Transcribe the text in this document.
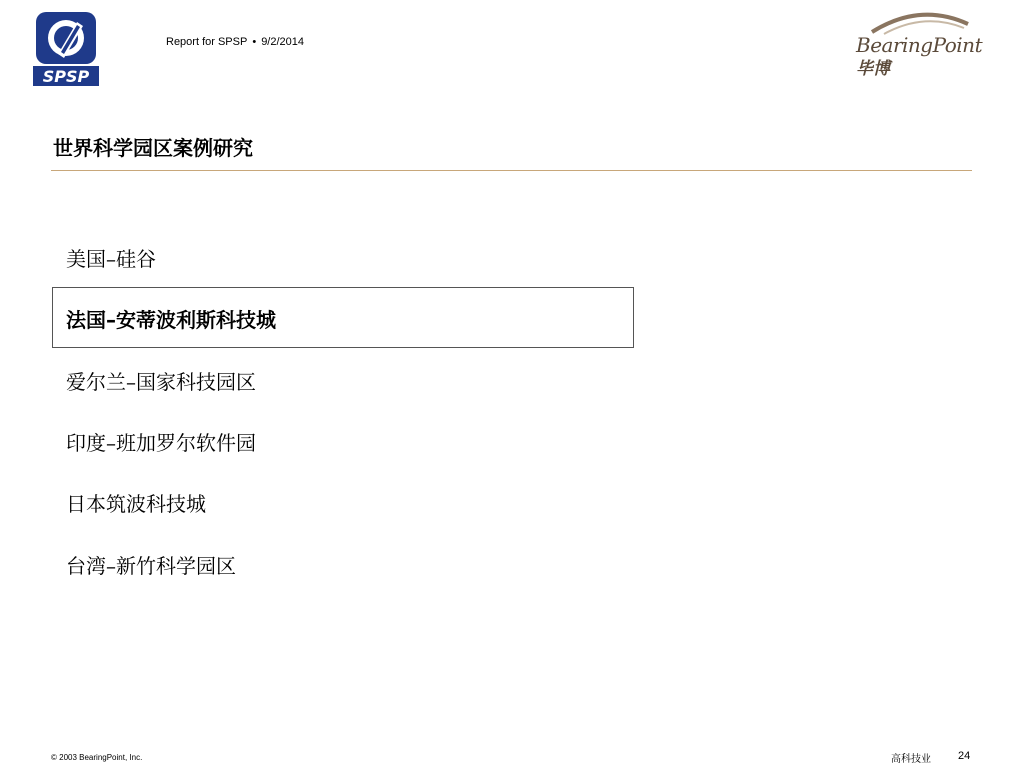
SPSP
Report for SPSP • 9/2/2014	BearingPoint
毕博
世界科学园区案例研究
美国–硅谷
法国–安蒂波利斯科技城
爱尔兰–国家科技园区
印度–班加罗尔软件园
日本筑波科技城
台湾–新竹科学园区
© 2003 BearingPoint, Inc.	高科技业 24
